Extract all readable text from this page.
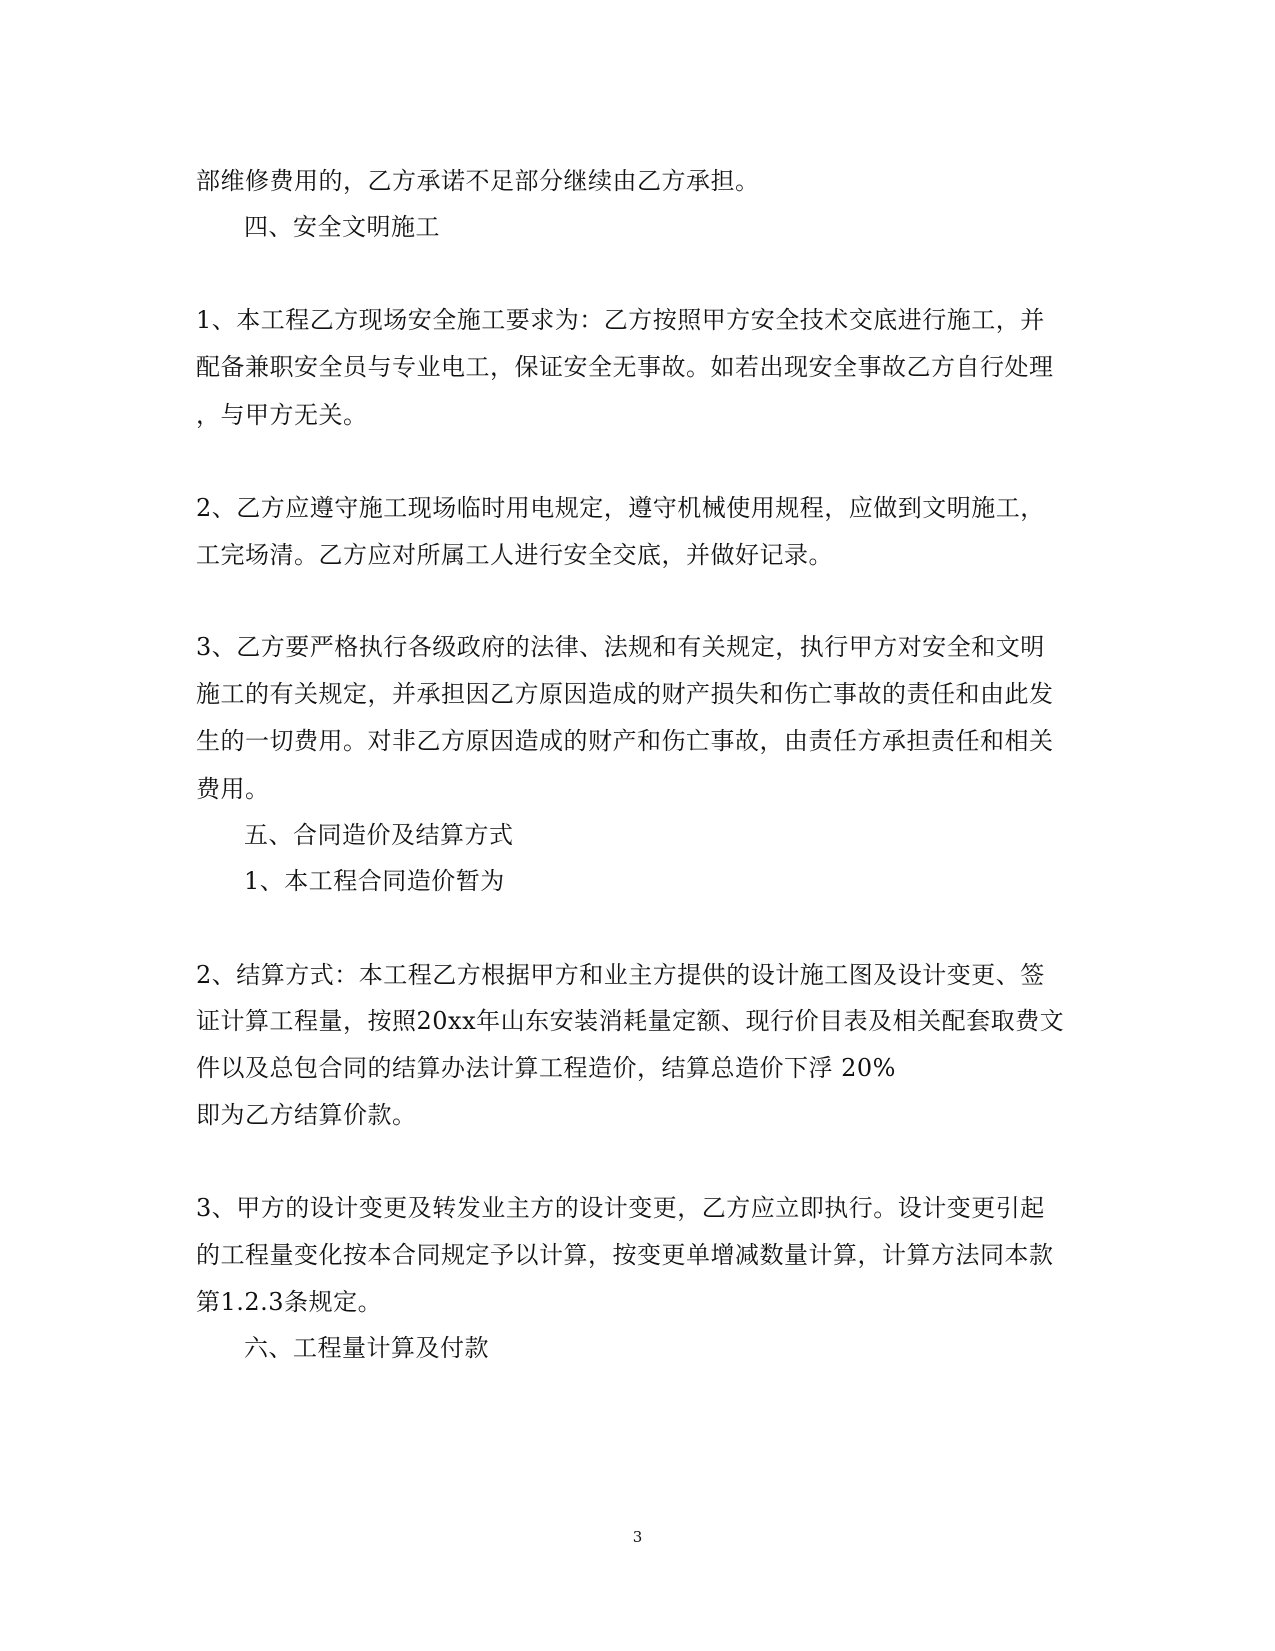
部维修费用的，乙方承诺不足部分继续由乙方承担。
四、安全文明施工
1、本工程乙方现场安全施工要求为：乙方按照甲方安全技术交底进行施工，并
配备兼职安全员与专业电工，保证安全无事故。如若出现安全事故乙方自行处理
，与甲方无关。
2、乙方应遵守施工现场临时用电规定，遵守机械使用规程，应做到文明施工，
工完场清。乙方应对所属工人进行安全交底，并做好记录。
3、乙方要严格执行各级政府的法律、法规和有关规定，执行甲方对安全和文明
施工的有关规定，并承担因乙方原因造成的财产损失和伤亡事故的责任和由此发
生的一切费用。对非乙方原因造成的财产和伤亡事故，由责任方承担责任和相关
费用。
五、合同造价及结算方式
1、本工程合同造价暂为
2、结算方式：本工程乙方根据甲方和业主方提供的设计施工图及设计变更、签
证计算工程量，按照20xx年山东安装消耗量定额、现行价目表及相关配套取费文
件以及总包合同的结算办法计算工程造价，结算总造价下浮 20%
即为乙方结算价款。
3、甲方的设计变更及转发业主方的设计变更，乙方应立即执行。设计变更引起
的工程量变化按本合同规定予以计算，按变更单增减数量计算，计算方法同本款
第1.2.3条规定。
六、工程量计算及付款
3
